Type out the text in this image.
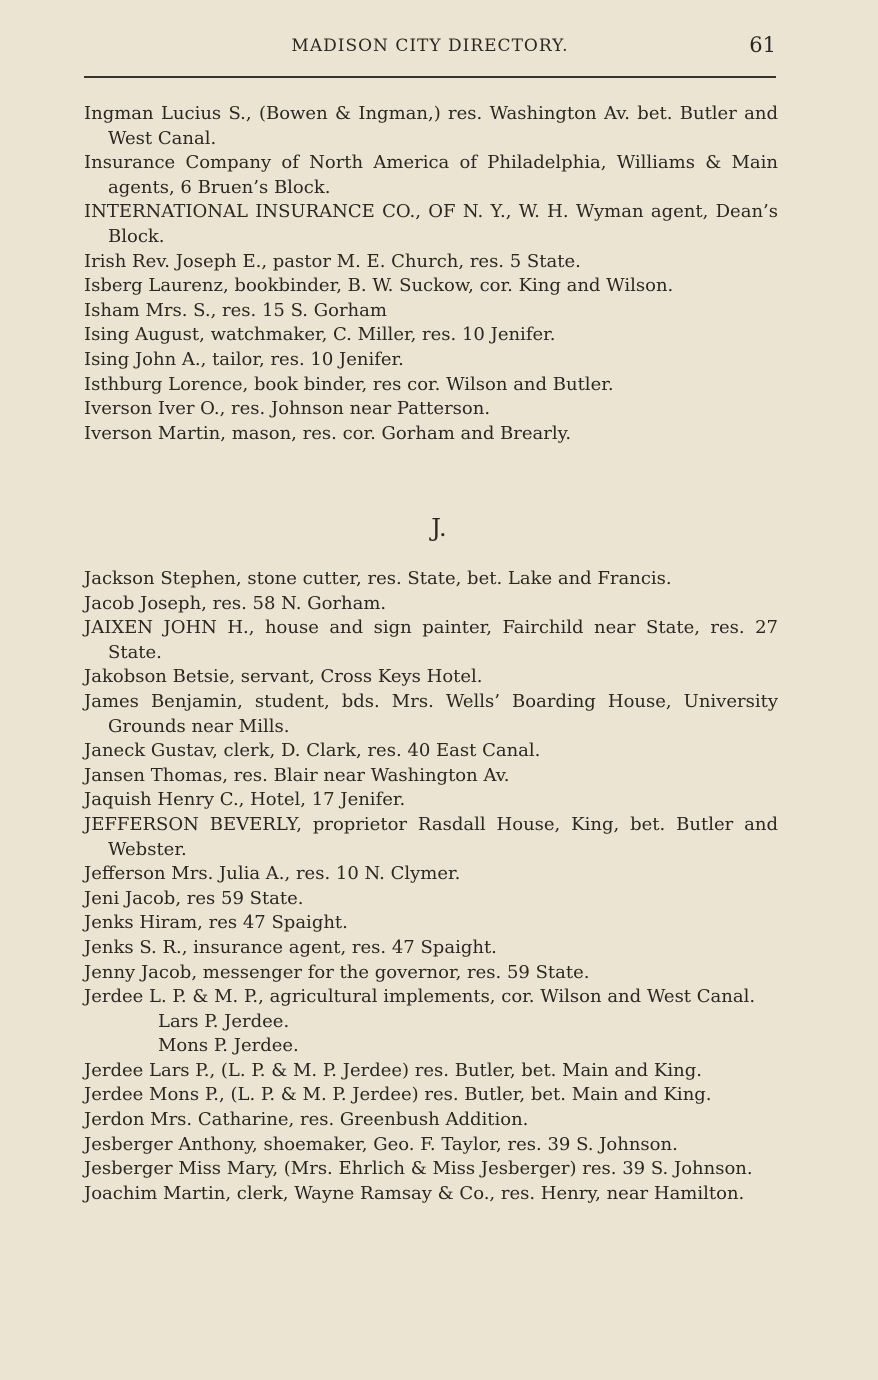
MADISON CITY DIRECTORY.	61
Ingman Lucius S., (Bowen & Ingman,) res. Washington Av. bet. Butler and West Canal.
Insurance Company of North America of Philadelphia, Williams & Main agents, 6 Bruen’s Block.
INTERNATIONAL INSURANCE CO., OF N. Y., W. H. Wyman agent, Dean’s Block.
Irish Rev. Joseph E., pastor M. E. Church, res. 5 State.
Isberg Laurenz, bookbinder, B. W. Suckow, cor. King and Wilson.
Isham Mrs. S., res. 15 S. Gorham
Ising August, watchmaker, C. Miller, res. 10 Jenifer.
Ising John A., tailor, res. 10 Jenifer.
Isthburg Lorence, book binder, res cor. Wilson and Butler.
Iverson Iver O., res. Johnson near Patterson.
Iverson Martin, mason, res. cor. Gorham and Brearly.
J.
Jackson Stephen, stone cutter, res. State, bet. Lake and Francis.
Jacob Joseph, res. 58 N. Gorham.
JAIXEN JOHN H., house and sign painter, Fairchild near State, res. 27 State.
Jakobson Betsie, servant, Cross Keys Hotel.
James Benjamin, student, bds. Mrs. Wells’ Boarding House, University Grounds near Mills.
Janeck Gustav, clerk, D. Clark, res. 40 East Canal.
Jansen Thomas, res. Blair near Washington Av.
Jaquish Henry C., Hotel, 17 Jenifer.
JEFFERSON BEVERLY, proprietor Rasdall House, King, bet. Butler and Webster.
Jefferson Mrs. Julia A., res. 10 N. Clymer.
Jeni Jacob, res 59 State.
Jenks Hiram, res 47 Spaight.
Jenks S. R., insurance agent, res. 47 Spaight.
Jenny Jacob, messenger for the governor, res. 59 State.
Jerdee L. P. & M. P., agricultural implements, cor. Wilson and West Canal.
Lars P. Jerdee.
Mons P. Jerdee.
Jerdee Lars P., (L. P. & M. P. Jerdee) res. Butler, bet. Main and King.
Jerdee Mons P., (L. P. & M. P. Jerdee) res. Butler, bet. Main and King.
Jerdon Mrs. Catharine, res. Greenbush Addition.
Jesberger Anthony, shoemaker, Geo. F. Taylor, res. 39 S. Johnson.
Jesberger Miss Mary, (Mrs. Ehrlich & Miss Jesberger) res. 39 S. Johnson.
Joachim Martin, clerk, Wayne Ramsay & Co., res. Henry, near Hamilton.
